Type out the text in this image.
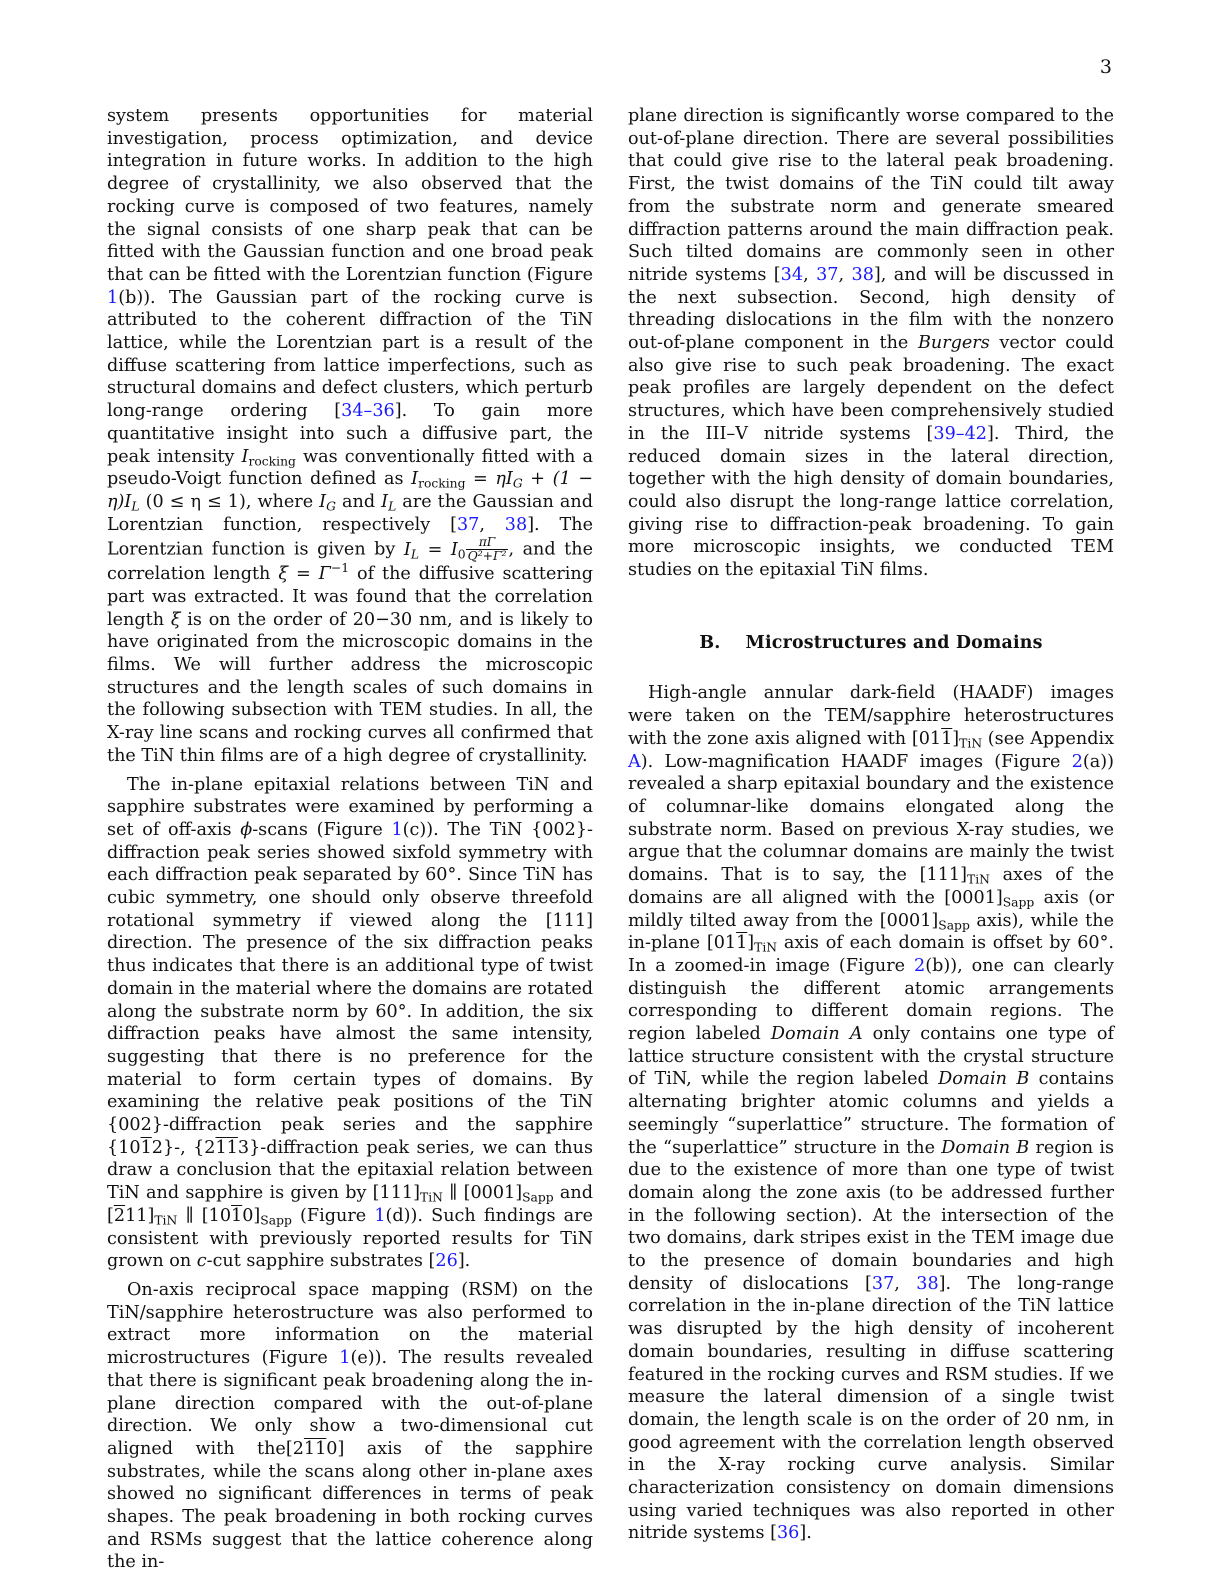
3

system presents opportunities for material investigation, process optimization, and device integration in future works. In addition to the high degree of crystallinity, we also observed that the rocking curve is composed of two features, namely the signal consists of one sharp peak that can be fitted with the Gaussian function and one broad peak that can be fitted with the Lorentzian function (Figure 1(b)). The Gaussian part of the rocking curve is attributed to the coherent diffraction of the TiN lattice, while the Lorentzian part is a result of the diffuse scattering from lattice imperfections, such as structural domains and defect clusters, which perturb long-range ordering [34–36]. To gain more quantitative insight into such a diffusive part, the peak intensity $I_{rocking}$ was conventionally fitted with a pseudo-Voigt function defined as $I_{rocking} = \eta I_G + (1 - \eta)I_L$ (0 ≤ η ≤ 1), where $I_G$ and $I_L$ are the Gaussian and Lorentzian function, respectively [37, 38]. The Lorentzian function is given by $I_L = I_0 \frac{\pi\Gamma}{\text{Q²+Γ²}}$ , and the correlation length $\xi = \Gamma^{-1}$ of the diffusive scattering part was extracted. It was found that the correlation length ξ is on the order of 20−30 nm, and is likely to have originated from the microscopic domains in the films. We will further address the microscopic structures and the length scales of such domains in the following subsection with TEM studies. In all, the X-ray line scans and rocking curves all confirmed that the TiN thin films are of a high degree of crystallinity.

The in-plane epitaxial relations between TiN and sapphire substrates were examined by performing a set of off-axis ϕ-scans (Figure 1(c)). The TiN {002}-diffraction peak series showed sixfold symmetry with each diffraction peak separated by 60°. Since TiN has cubic symmetry, one should only observe threefold rotational symmetry if viewed along the [111] direction. The presence of the six diffraction peaks thus indicates that there is an additional type of twist domain in the material where the domains are rotated along the substrate norm by 60°. In addition, the six diffraction peaks have almost the same intensity, suggesting that there is no preference for the material to form certain types of domains. By examining the relative peak positions of the TiN {002}-diffraction peak series and the sapphire {1012}-, {2113}-diffraction peak series, we can thus draw a conclusion that the epitaxial relation between TiN and sapphire is given by $[111]_{TiN}$ ∥ $[0001]_{Sapp}$ and $[211]_{TiN}$ ∥ $[1010]_{Sapp}$ (Figure 1(d)). Such findings are consistent with previously reported results for TiN grown on c-cut sapphire substrates [26].

On-axis reciprocal space mapping (RSM) on the TiN/sapphire heterostructure was also performed to extract more information on the material microstructures (Figure 1(e)). The results revealed that there is significant peak broadening along the in-plane direction compared with the out-of-plane direction. We only show a two-dimensional cut aligned with the[2110] axis of the sapphire substrates, while the scans along other in-plane axes showed no significant differences in terms of peak shapes. The peak broadening in both rocking curves and RSMs suggest that the lattice coherence along the in-

plane direction is significantly worse compared to the out-of-plane direction. There are several possibilities that could give rise to the lateral peak broadening. First, the twist domains of the TiN could tilt away from the substrate norm and generate smeared diffraction patterns around the main diffraction peak. Such tilted domains are commonly seen in other nitride systems [34, 37, 38], and will be discussed in the next subsection. Second, high density of threading dislocations in the film with the nonzero out-of-plane component in the Burgers vector could also give rise to such peak broadening. The exact peak profiles are largely dependent on the defect structures, which have been comprehensively studied in the III–V nitride systems [39–42]. Third, the reduced domain sizes in the lateral direction, together with the high density of domain boundaries, could also disrupt the long-range lattice correlation, giving rise to diffraction-peak broadening. To gain more microscopic insights, we conducted TEM studies on the epitaxial TiN films.

B. Microstructures and Domains

High-angle annular dark-field (HAADF) images were taken on the TEM/sapphire heterostructures with the zone axis aligned with $[011]_{TiN}$ (see Appendix A). Low-magnification HAADF images (Figure 2(a)) revealed a sharp epitaxial boundary and the existence of columnar-like domains elongated along the substrate norm. Based on previous X-ray studies, we argue that the columnar domains are mainly the twist domains. That is to say, the $[111]_{TiN}$ axes of the domains are all aligned with the $[0001]_{Sapp}$ axis (or mildly tilted away from the $[0001]_{Sapp}$ axis), while the in-plane $[011]_{TiN}$ axis of each domain is offset by 60°. In a zoomed-in image (Figure 2(b)), one can clearly distinguish the different atomic arrangements corresponding to different domain regions. The region labeled Domain A only contains one type of lattice structure consistent with the crystal structure of TiN, while the region labeled Domain B contains alternating brighter atomic columns and yields a seemingly “superlattice” structure. The formation of the “superlattice” structure in the Domain B region is due to the existence of more than one type of twist domain along the zone axis (to be addressed further in the following section). At the intersection of the two domains, dark stripes exist in the TEM image due to the presence of domain boundaries and high density of dislocations [37, 38]. The long-range correlation in the in-plane direction of the TiN lattice was disrupted by the high density of incoherent domain boundaries, resulting in diffuse scattering featured in the rocking curves and RSM studies. If we measure the lateral dimension of a single twist domain, the length scale is on the order of 20 nm, in good agreement with the correlation length observed in the X-ray rocking curve analysis. Similar characterization consistency on domain dimensions using varied techniques was also reported in other nitride systems [36].
